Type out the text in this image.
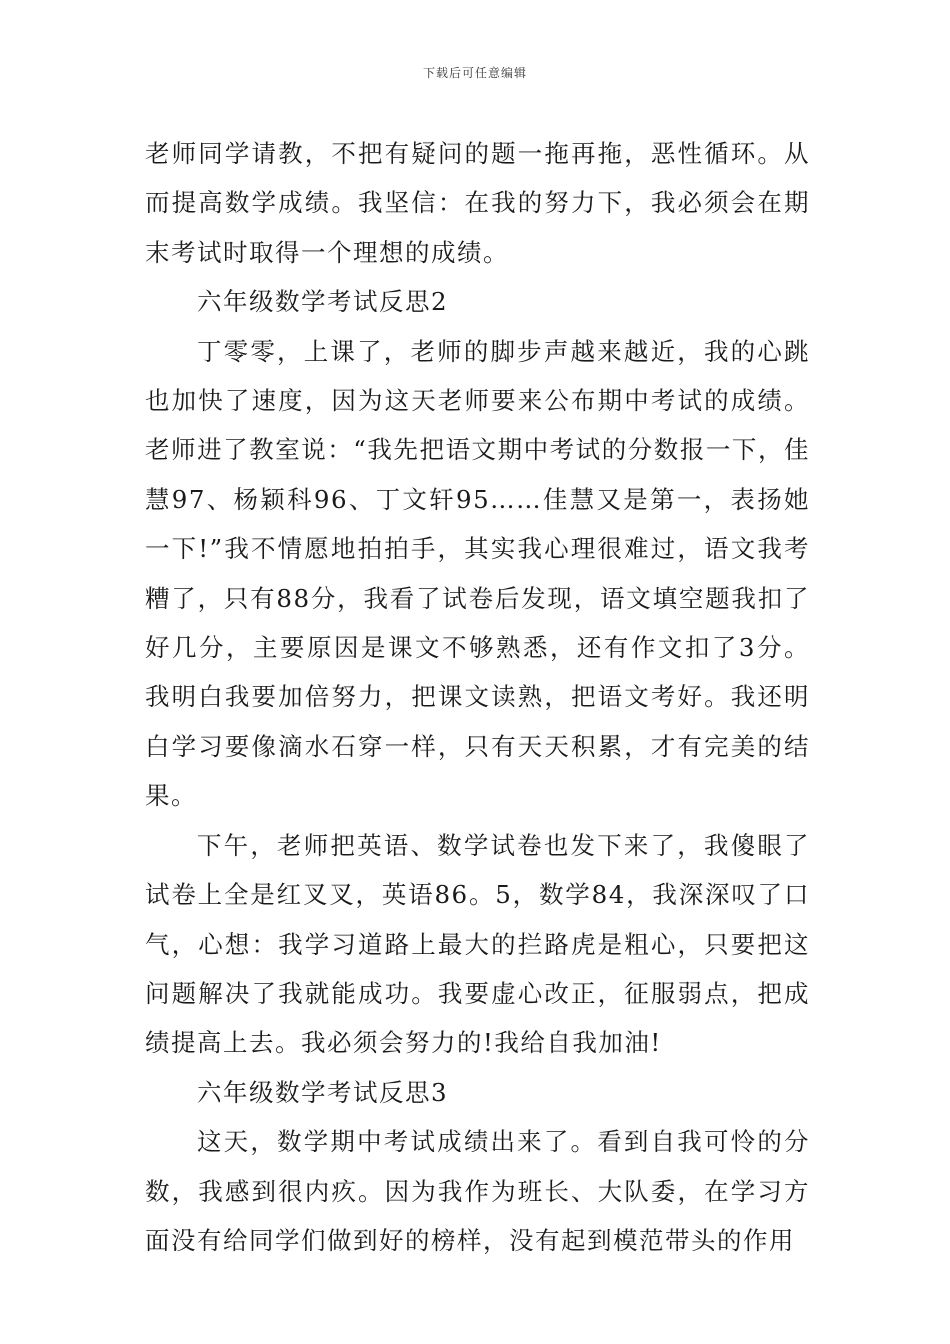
下载后可任意编辑

老师同学请教，不把有疑问的题一拖再拖，恶性循环。从而提高数学成绩。我坚信：在我的努力下，我必须会在期末考试时取得一个理想的成绩。

六年级数学考试反思2

丁零零，上课了，老师的脚步声越来越近，我的心跳也加快了速度，因为这天老师要来公布期中考试的成绩。老师进了教室说：“我先把语文期中考试的分数报一下，佳慧97、杨颖科96、丁文轩95……佳慧又是第一，表扬她一下!”我不情愿地拍拍手，其实我心理很难过，语文我考糟了，只有88分，我看了试卷后发现，语文填空题我扣了好几分，主要原因是课文不够熟悉，还有作文扣了3分。我明白我要加倍努力，把课文读熟，把语文考好。我还明白学习要像滴水石穿一样，只有天天积累，才有完美的结果。

下午，老师把英语、数学试卷也发下来了，我傻眼了试卷上全是红叉叉，英语86。5，数学84，我深深叹了口气，心想：我学习道路上最大的拦路虎是粗心，只要把这问题解决了我就能成功。我要虚心改正，征服弱点，把成绩提高上去。我必须会努力的!我给自我加油!

六年级数学考试反思3

这天，数学期中考试成绩出来了。看到自我可怜的分数，我感到很内疚。因为我作为班长、大队委，在学习方面没有给同学们做到好的榜样，没有起到模范带头的作用
